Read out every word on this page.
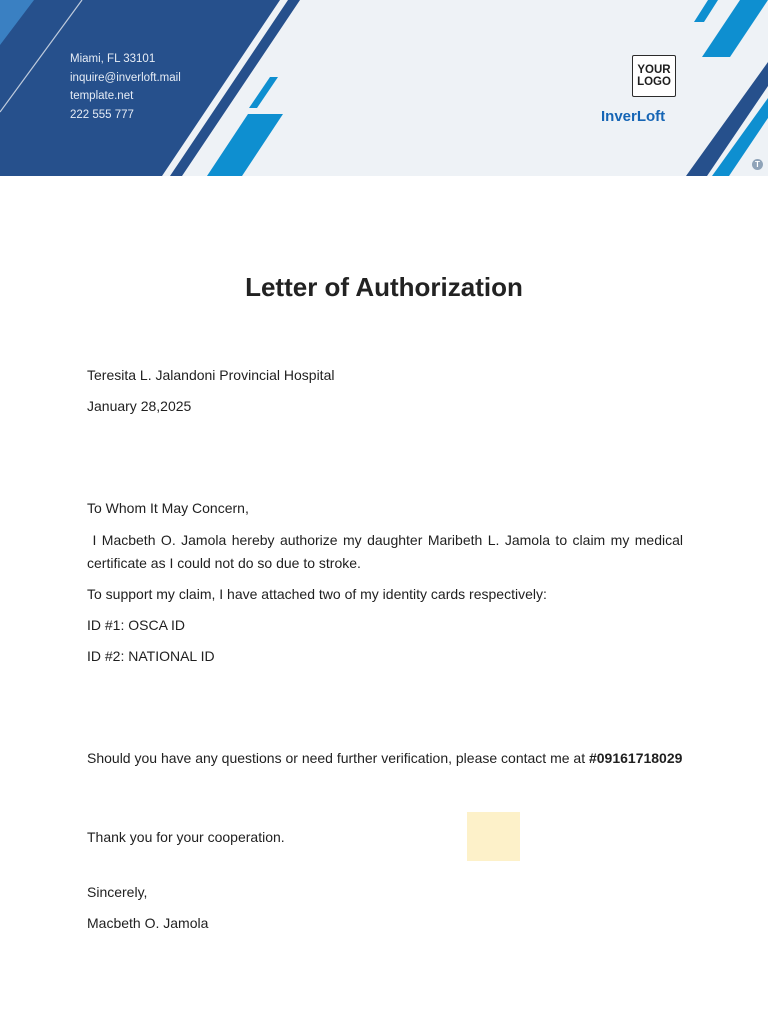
Miami, FL 33101
inquire@inverloft.mail
template.net
222 555 777
YOUR
LOGO
InverLoft
T
Letter of Authorization
Teresita L. Jalandoni Provincial Hospital
January 28,2025
To Whom It May Concern,
I Macbeth O. Jamola hereby authorize my daughter Maribeth L. Jamola to claim my medical certificate as I could not do so due to stroke.
To support my claim, I have attached two of my identity cards respectively:
ID #1: OSCA ID
ID #2: NATIONAL ID
Should you have any questions or need further verification, please contact me at #09161718029
Thank you for your cooperation.
Sincerely,
Macbeth O. Jamola
